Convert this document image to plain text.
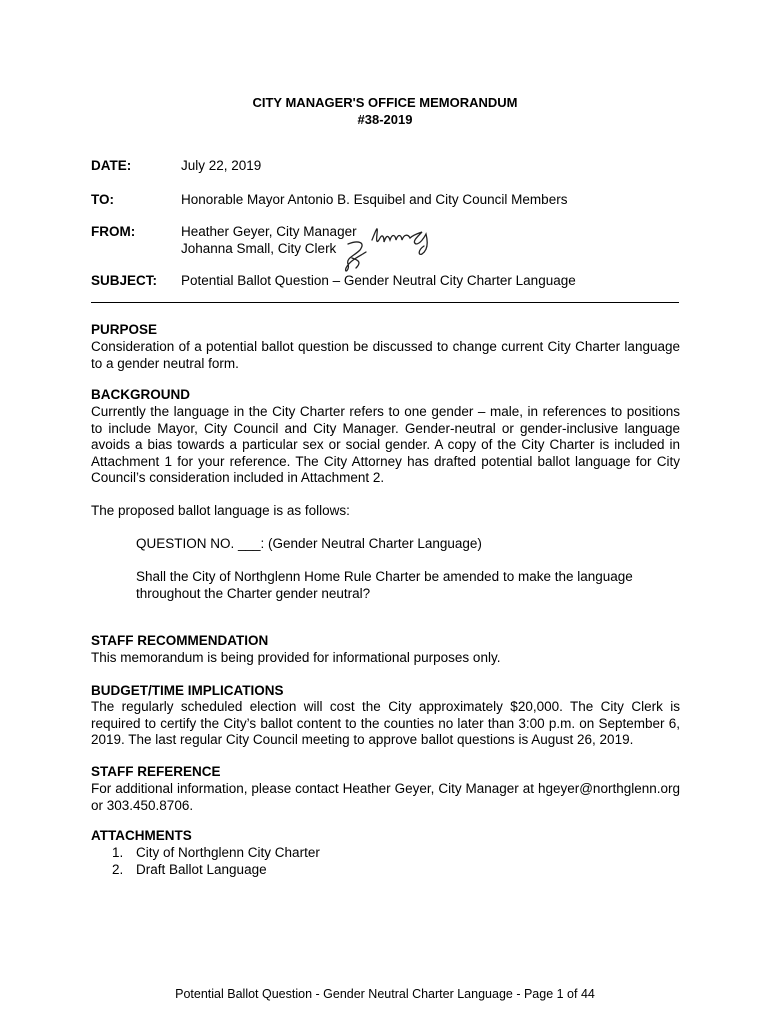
CITY MANAGER'S OFFICE MEMORANDUM
#38-2019
DATE:	July 22, 2019
TO:	Honorable Mayor Antonio B. Esquibel and City Council Members
FROM:	Heather Geyer, City Manager
Johanna Small, City Clerk
SUBJECT: Potential Ballot Question – Gender Neutral City Charter Language
PURPOSE

Consideration of a potential ballot question be discussed to change current City Charter language to a gender neutral form.

BACKGROUND

Currently the language in the City Charter refers to one gender – male, in references to positions to include Mayor, City Council and City Manager. Gender-neutral or gender-inclusive language avoids a bias towards a particular sex or social gender. A copy of the City Charter is included in Attachment 1 for your reference. The City Attorney has drafted potential ballot language for City Council’s consideration included in Attachment 2.

The proposed ballot language is as follows:
QUESTION NO. ___: (Gender Neutral Charter Language)

Shall the City of Northglenn Home Rule Charter be amended to make the language throughout the Charter gender neutral?

STAFF RECOMMENDATION
This memorandum is being provided for informational purposes only.
BUDGET/TIME IMPLICATIONS

The regularly scheduled election will cost the City approximately $20,000. The City Clerk is required to certify the City’s ballot content to the counties no later than 3:00 p.m. on September 6, 2019. The last regular City Council meeting to approve ballot questions is August 26, 2019.

STAFF REFERENCE

For additional information, please contact Heather Geyer, City Manager at hgeyer@northglenn.org or 303.450.8706.

ATTACHMENTS
1. City of Northglenn City Charter
2. Draft Ballot Language
Potential Ballot Question - Gender Neutral Charter Language - Page 1 of 44
